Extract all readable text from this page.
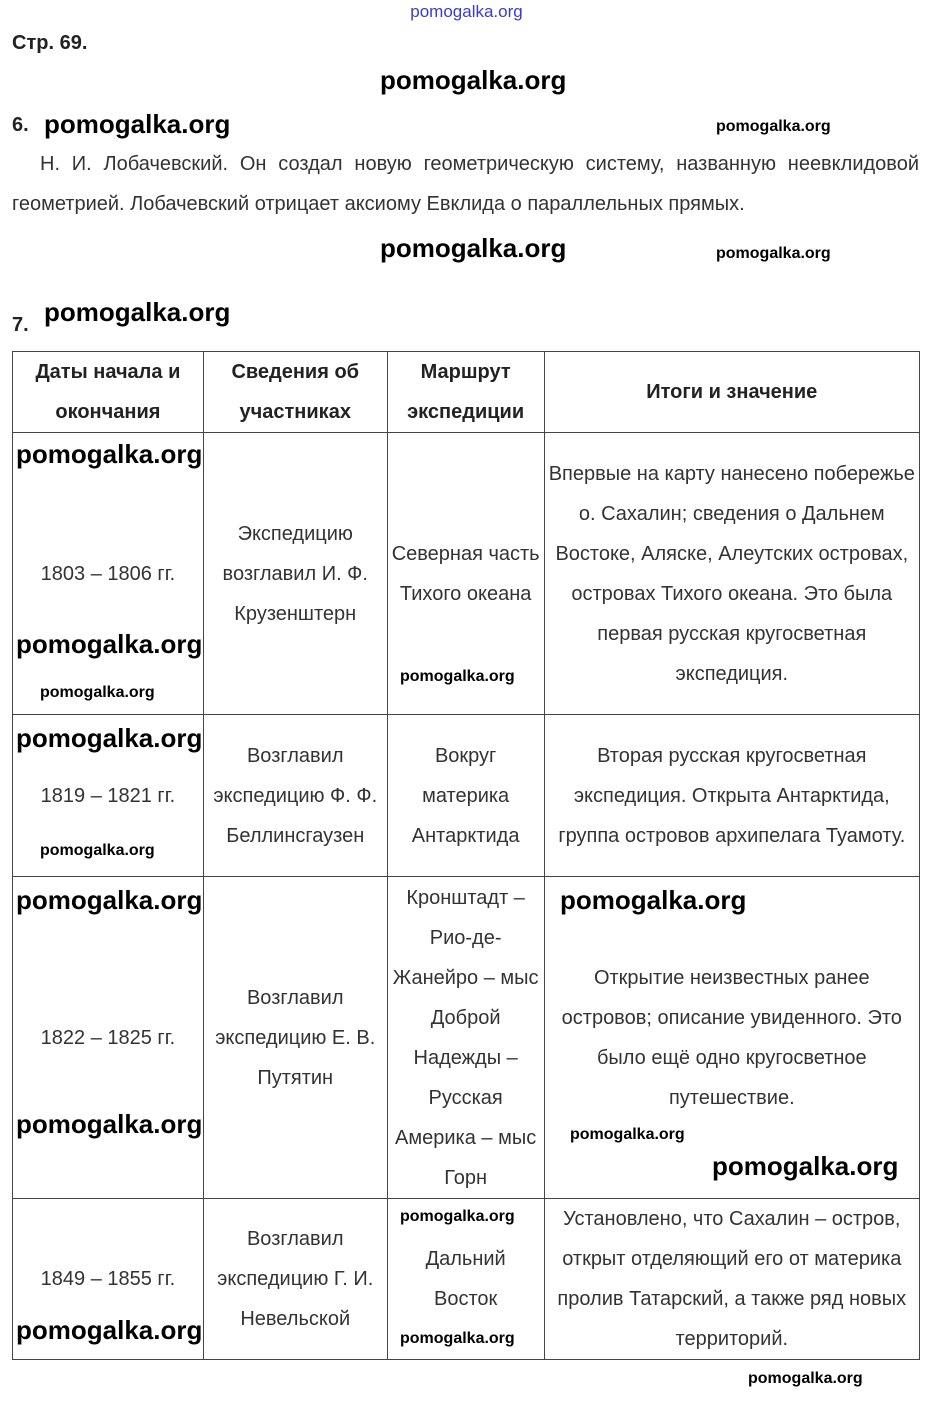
pomogalka.org
Стр. 69.
6.
Н. И. Лобачевский. Он создал новую геометрическую систему, названную неевклидовой геометрией. Лобачевский отрицает аксиому Евклида о параллельных прямых.
7.
Даты начала и окончания	Сведения об участниках	Маршрут экспедиции	Итоги и значение
1803 – 1806 гг.	Экспедицию возглавил И. Ф. Крузенштерн	Северная часть Тихого океана	Впервые на карту нанесено побережье о. Сахалин; сведения о Дальнем Востоке, Аляске, Алеутских островах, островах Тихого океана. Это была первая русская кругосветная экспедиция.
1819 – 1821 гг.	Возглавил экспедицию Ф. Ф. Беллинсгаузен	Вокруг материка Антарктида	Вторая русская кругосветная экспедиция. Открыта Антарктида, группа островов архипелага Туамоту.
1822 – 1825 гг.	Возглавил экспедицию Е. В. Путятин	Кронштадт – Рио-де-Жанейро – мыс Доброй Надежды – Русская Америка – мыс Горн	Открытие неизвестных ранее островов; описание увиденного. Это было ещё одно кругосветное путешествие.
1849 – 1855 гг.	Возглавил экспедицию Г. И. Невельской	Дальний Восток	Установлено, что Сахалин – остров, открыт отделяющий его от материка пролив Татарский, а также ряд новых территорий.
pomogalka.org
pomogalka.org	pomogalka.org
pomogalka.org	pomogalka.org
pomogalka.org
pomogalka.org
pomogalka.org
pomogalka.org
pomogalka.org
pomogalka.org
pomogalka.org
pomogalka.org	pomogalka.org
pomogalka.org
pomogalka.org
pomogalka.org
pomogalka.org
pomogalka.org	pomogalka.org
pomogalka.org
